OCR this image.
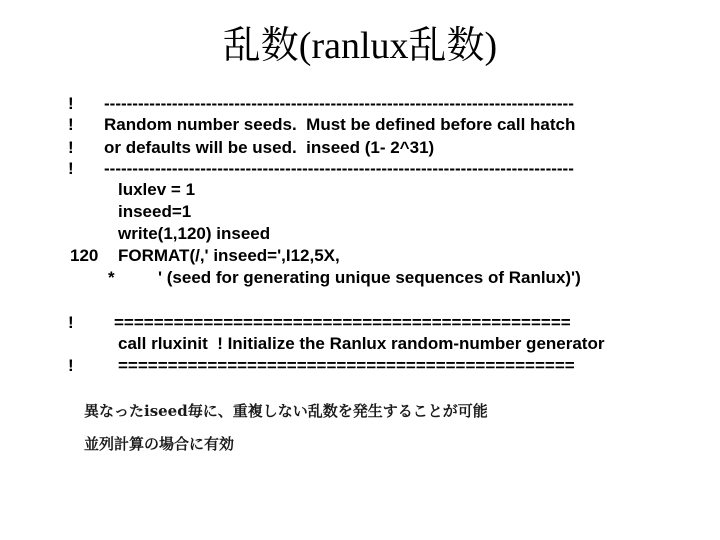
乱数(ranlux乱数)
! -----------------------------------------------------------------------------------
! Random number seeds.  Must be defined before call hatch
! or defaults will be used.  inseed (1- 2^31)
! -----------------------------------------------------------------------------------
luxlev = 1
inseed=1
write(1,120) inseed
120 FORMAT(/,' inseed=',I12,5X,
*	' (seed for generating unique sequences of Ranlux)')
! ==============================================
call rluxinit  ! Initialize the Ranlux random-number generator
!	==============================================
異なったiseed毎に、重複しない乱数を発生することが可能
並列計算の場合に有効
